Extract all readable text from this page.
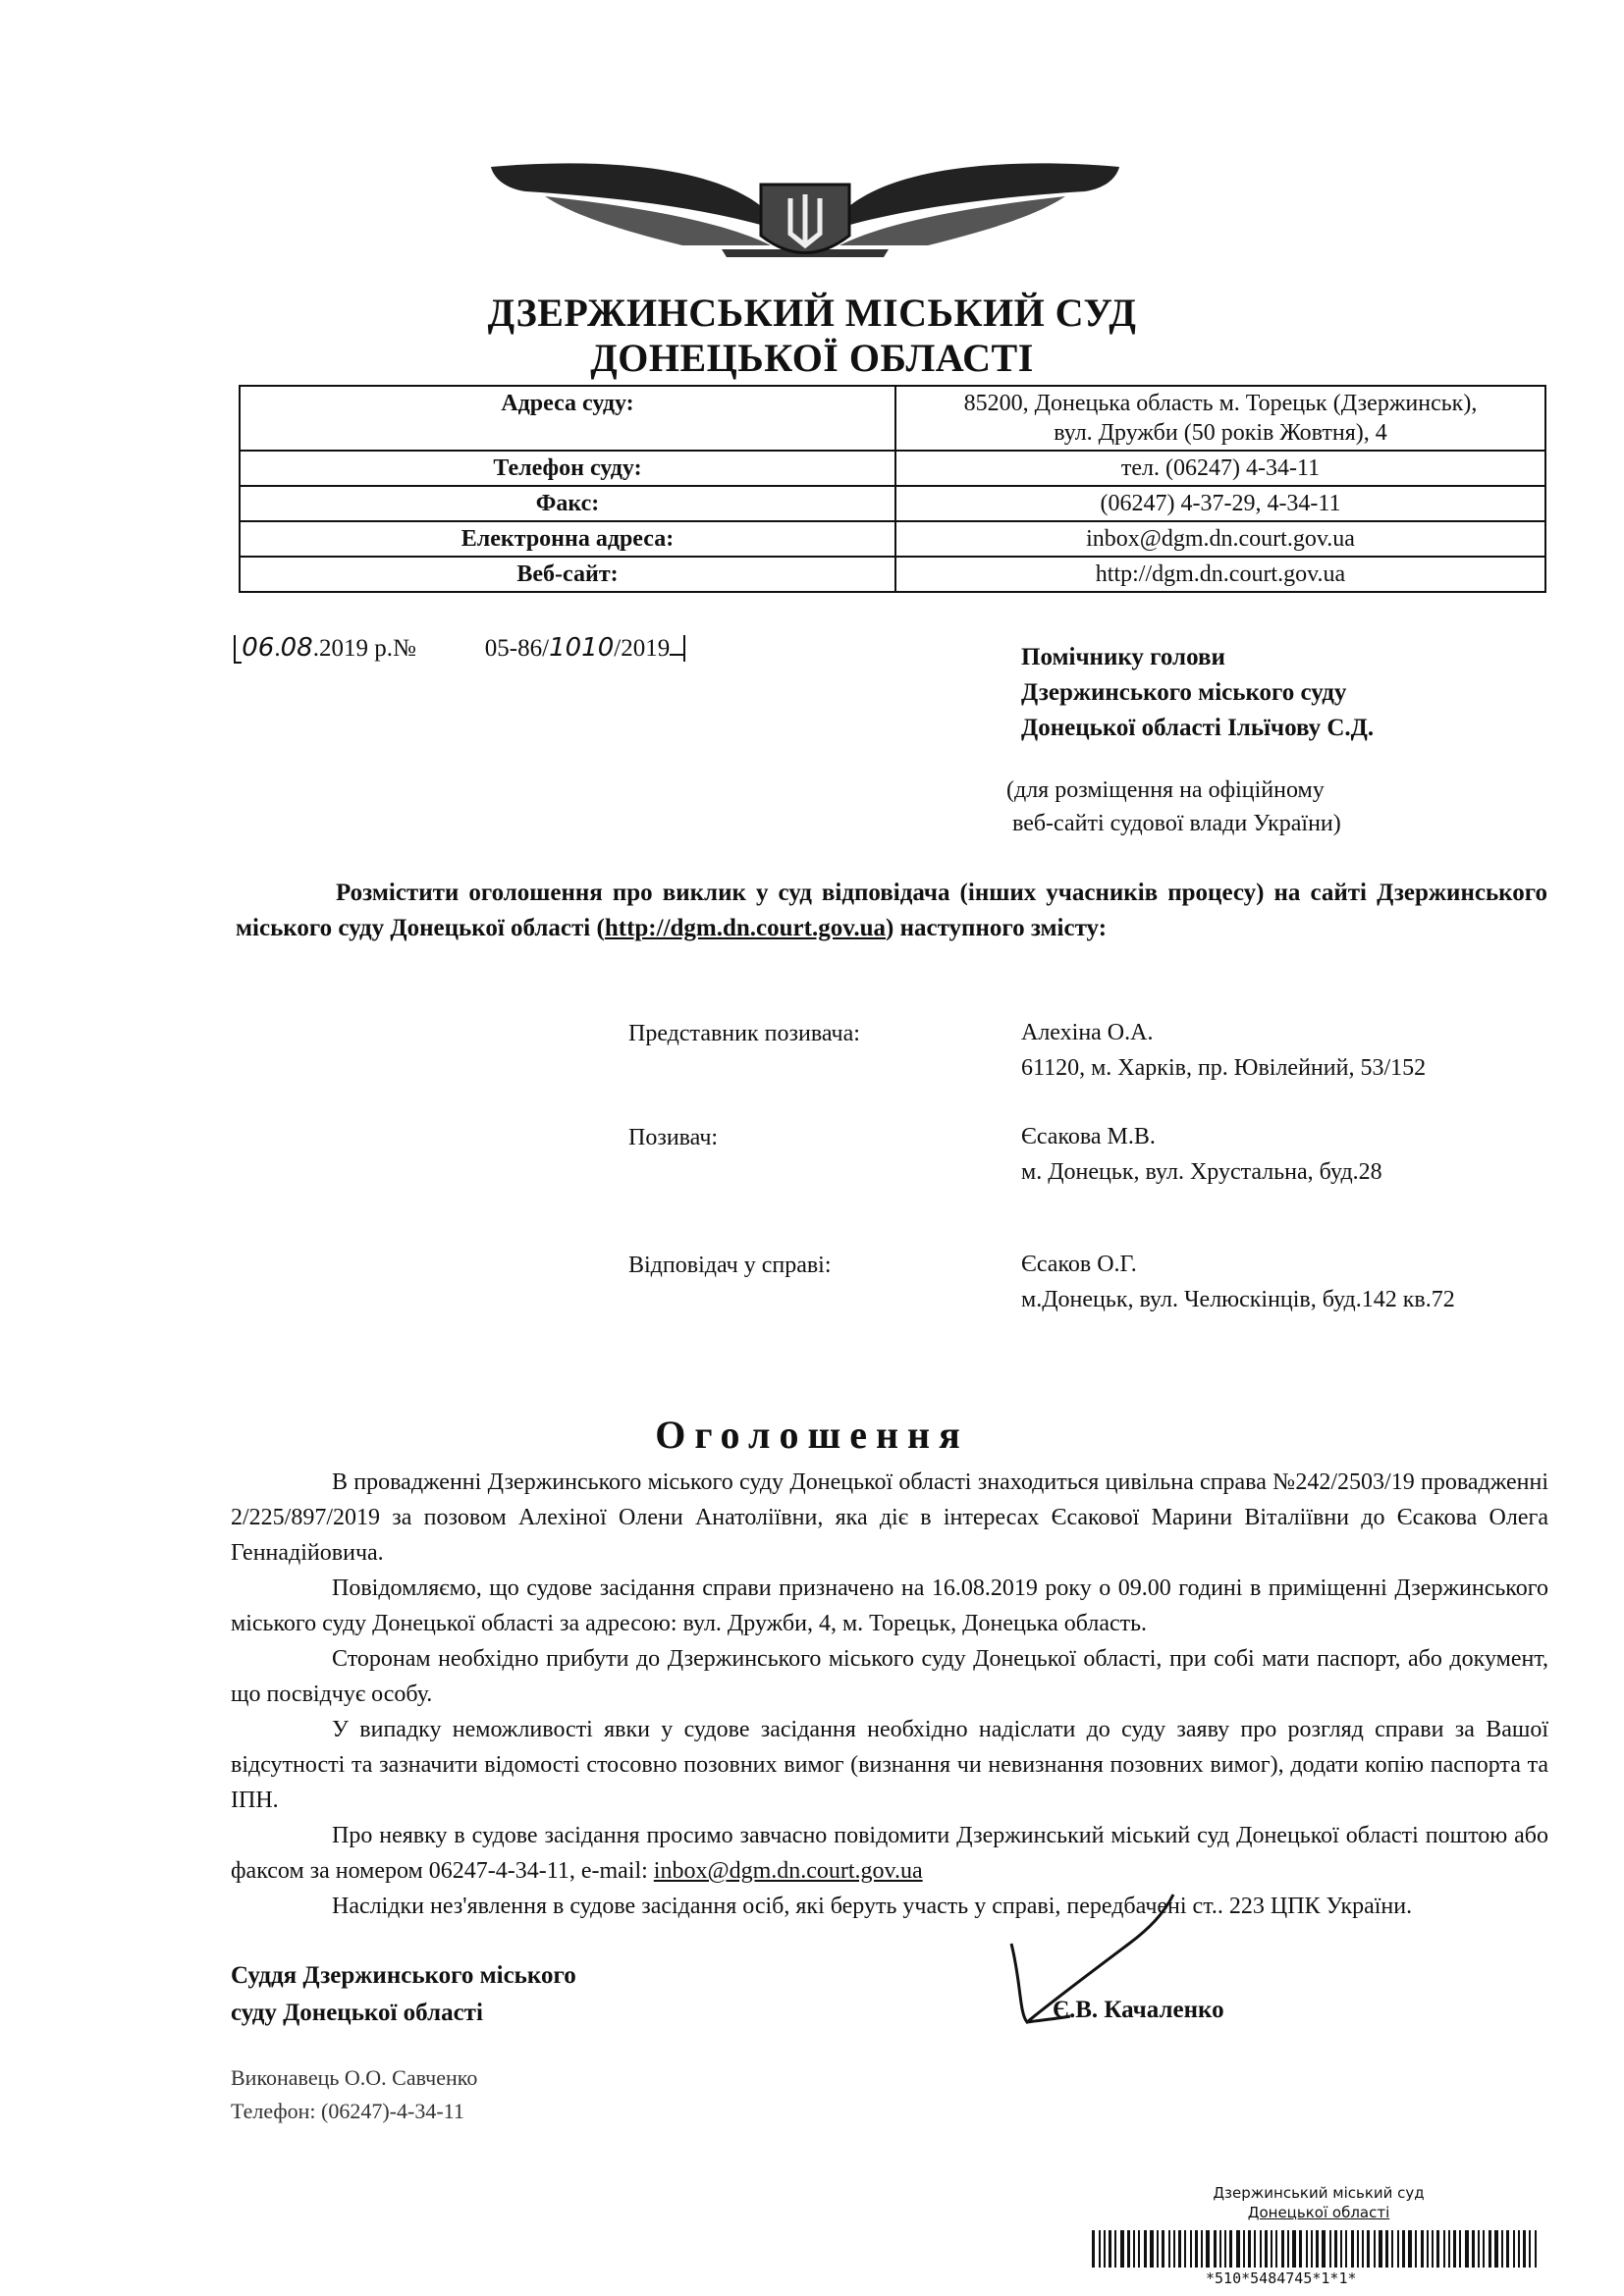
ДЗЕРЖИНСЬКИЙ МІСЬКИЙ СУД
ДОНЕЦЬКОЇ ОБЛАСТІ
Адреса суду:	85200, Донецька область м. Торецьк (Дзержинськ),
вул. Дружби (50 років Жовтня), 4

Телефон суду:	тел. (06247) 4-34-11
Факс:	(06247) 4-37-29, 4-34-11
Електронна адреса:	inbox@dgm.dn.court.gov.ua
Веб-сайт:	http://dgm.dn.court.gov.ua
06.08.2019 р.№	05-86/1010/2019	Помічнику голови
Дзержинського міського суду
Донецької області Ільїчову С.Д.
(для розміщення на офіційному
веб-сайті судової влади України)
Розмістити оголошення про виклик у суд відповідача (інших учасників процесу) на сайті Дзержинського міського суду Донецької області (http://dgm.dn.court.gov.ua) наступного змісту:
Представник позивача:	Алехіна О.А.
61120, м. Харків, пр. Ювілейний, 53/152
Позивач:	Єсакова М.В.
м. Донецьк, вул. Хрустальна, буд.28
Відповідач у справі:	Єсаков О.Г.
м.Донецьк, вул. Челюскінців, буд.142 кв.72
Оголошення

В провадженні Дзержинського міського суду Донецької області знаходиться цивільна справа №242/2503/19 провадженні 2/225/897/2019 за позовом Алехіної Олени Анатоліївни, яка діє в інтересах Єсакової Марини Віталіївни до Єсакова Олега Геннадійовича.

Повідомляємо, що судове засідання справи призначено на 16.08.2019 року о 09.00 годині в приміщенні Дзержинського міського суду Донецької області за адресою: вул. Дружби, 4, м. Торецьк, Донецька область.

Сторонам необхідно прибути до Дзержинського міського суду Донецької області, при собі мати паспорт, або документ, що посвідчує особу.

У випадку неможливості явки у судове засідання необхідно надіслати до суду заяву про розгляд справи за Вашої відсутності та зазначити відомості стосовно позовних вимог (визнання чи невизнання позовних вимог), додати копію паспорта та ІПН.

Про неявку в судове засідання просимо завчасно повідомити Дзержинський міський суд Донецької області поштою або факсом за номером 06247-4-34-11, e-mail: inbox@dgm.dn.court.gov.ua

Наслідки нез'явлення в судове засідання осіб, які беруть участь у справі, передбачені ст.. 223 ЦПК України.

Суддя Дзержинського міського
суду Донецької області	Є.В. Качаленко
Виконавець О.О. Савченко
Телефон: (06247)-4-34-11
Дзержинський міський суд
Донецької області
*510*5484745*1*1*
